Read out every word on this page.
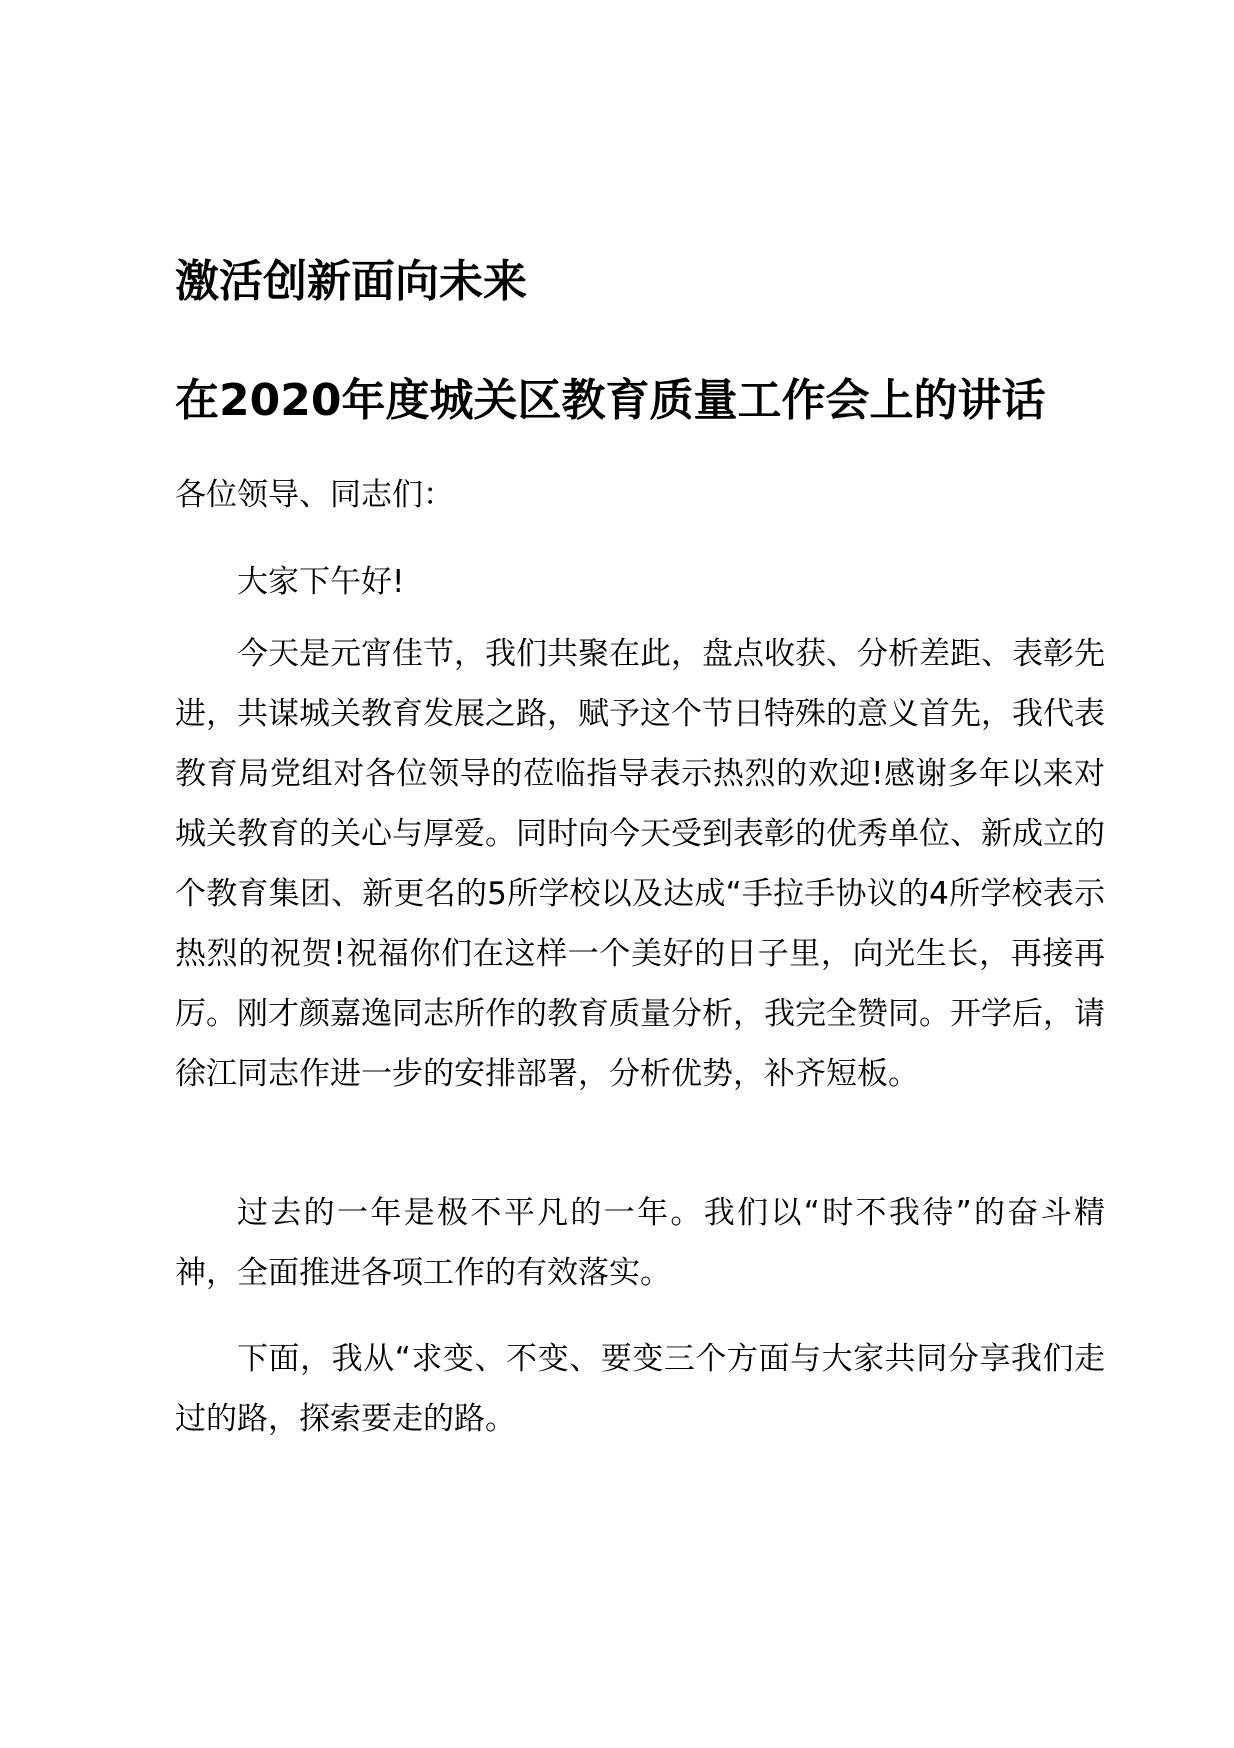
激活创新面向未来
在2020年度城关区教育质量工作会上的讲话

各位领导、同志们：

大家下午好!

今天是元宵佳节，我们共聚在此，盘点收获、分析差距、表彰先进，共谋城关教育发展之路，赋予这个节日特殊的意义首先，我代表教育局党组对各位领导的莅临指导表示热烈的欢迎!感谢多年以来对城关教育的关心与厚爱。同时向今天受到表彰的优秀单位、新成立的个教育集团、新更名的5所学校以及达成“手拉手协议的4所学校表示热烈的祝贺!祝福你们在这样一个美好的日子里，向光生长，再接再厉。刚才颜嘉逸同志所作的教育质量分析，我完全赞同。开学后，请徐江同志作进一步的安排部署，分析优势，补齐短板。

过去的一年是极不平凡的一年。我们以“时不我待”的奋斗精神，全面推进各项工作的有效落实。

下面，我从“求变、不变、要变三个方面与大家共同分享我们走过的路，探索要走的路。
